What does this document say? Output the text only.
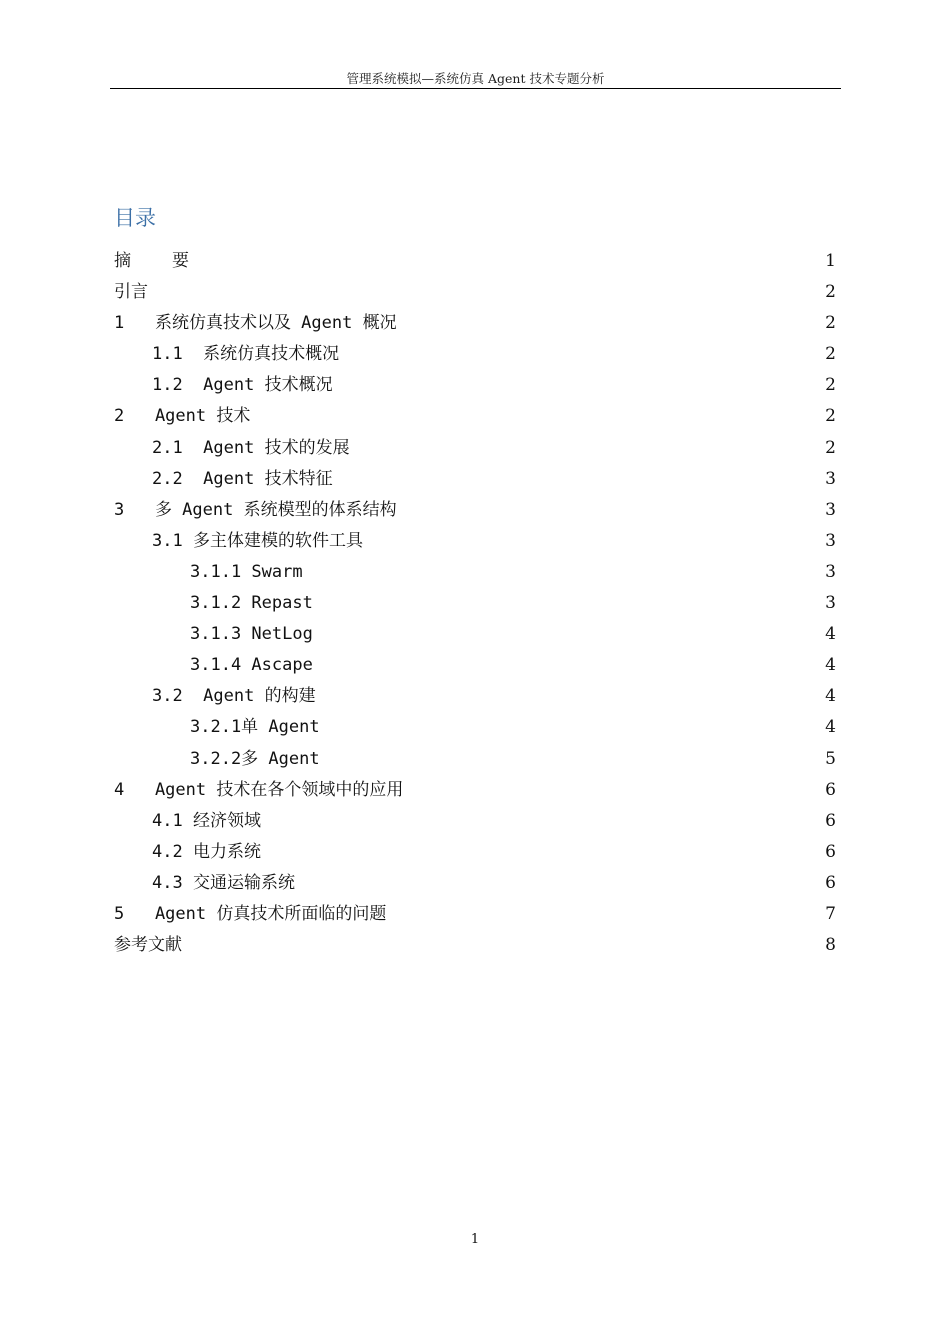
管理系统模拟—系统仿真 Agent 技术专题分析
目录
摘    要	1
引言	2
1   系统仿真技术以及 Agent 概况	2
1.1  系统仿真技术概况	2
1.2  Agent 技术概况	2
2   Agent 技术	2
2.1  Agent 技术的发展	2
2.2  Agent 技术特征	3
3   多 Agent 系统模型的体系结构	3
3.1 多主体建模的软件工具	3
3.1.1 Swarm	3
3.1.2 Repast	3
3.1.3 NetLog	4
3.1.4 Ascape	4
3.2  Agent 的构建	4
3.2.1单 Agent	4
3.2.2多 Agent	5
4   Agent 技术在各个领域中的应用	6
4.1 经济领域	6
4.2 电力系统	6
4.3 交通运输系统	6
5   Agent 仿真技术所面临的问题	7
参考文献	8
1
